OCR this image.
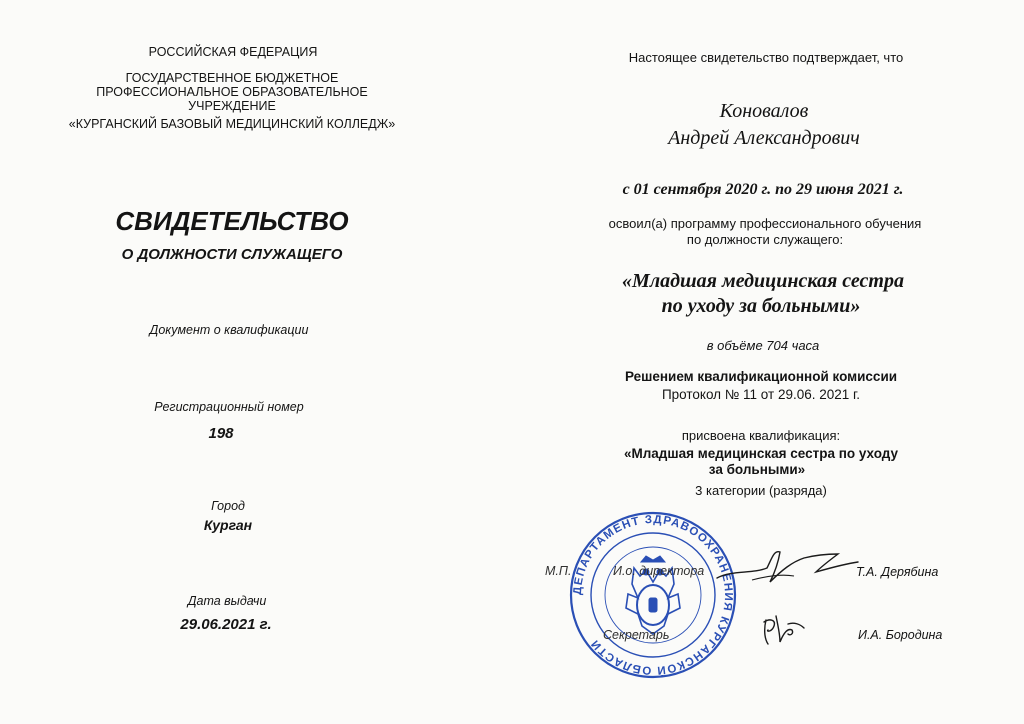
РОССИЙСКАЯ ФЕДЕРАЦИЯ
ГОСУДАРСТВЕННОЕ БЮДЖЕТНОЕ
ПРОФЕССИОНАЛЬНОЕ ОБРАЗОВАТЕЛЬНОЕ
УЧРЕЖДЕНИЕ
«КУРГАНСКИЙ БАЗОВЫЙ МЕДИЦИНСКИЙ КОЛЛЕДЖ»
СВИДЕТЕЛЬСТВО
О ДОЛЖНОСТИ СЛУЖАЩЕГО
Документ о квалификации
Регистрационный номер
198
Город
Курган
Дата выдачи
29.06.2021 г.
Настоящее свидетельство подтверждает, что
Коновалов
Андрей Александрович
с 01 сентября 2020 г. по 29 июня 2021 г.
освоил(а) программу профессионального обучения
по должности служащего:
«Младшая медицинская сестра
по уходу за больными»
в объёме 704 часа
Решением квалификационной комиссии
Протокол № 11 от 29.06. 2021 г.
присвоена квалификация:
«Младшая медицинская сестра по уходу
за больными»
3 категории (разряда)
ДЕПАРТАМЕНТ ЗДРАВООХРАНЕНИЯ КУРГАНСКОЙ ОБЛАСТИ
М.П.	И.о. директора	Т.А. Дерябина
Секретарь	И.А. Бородина
